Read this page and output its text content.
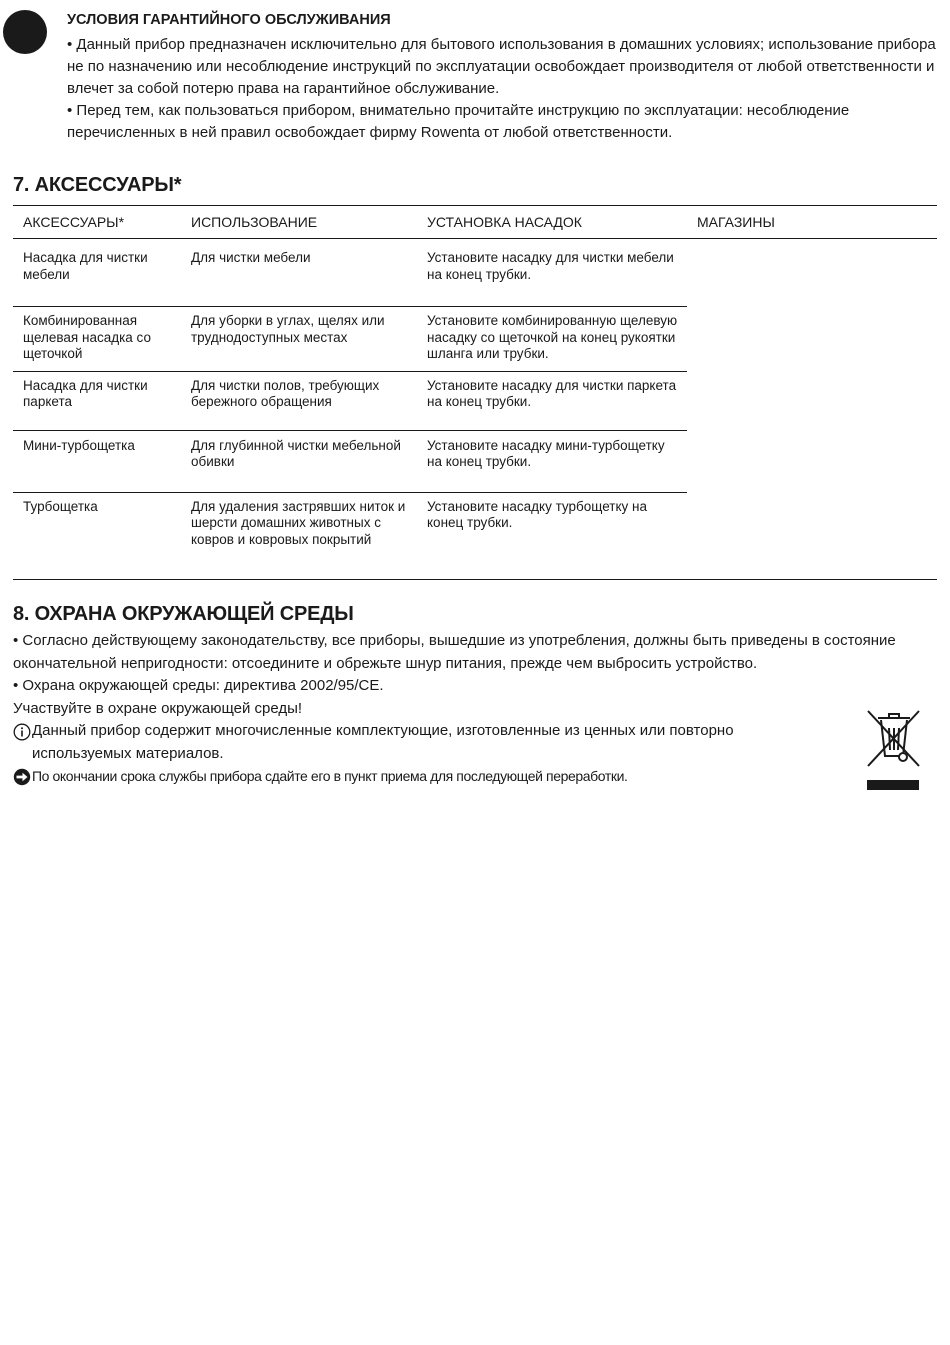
УСЛОВИЯ ГАРАНТИЙНОГО ОБСЛУЖИВАНИЯ

• Данный прибор предназначен исключительно для бытового использования в домашних условиях; использование прибора не по назначению или несоблюдение инструкций по эксплуатации освобождает производителя от любой ответственности и влечет за собой потерю права на гарантийное обслуживание.

• Перед тем, как пользоваться прибором, внимательно прочитайте инструкцию по эксплуатации: несоблюдение перечисленных в ней правил освобождает фирму Rowenta от любой ответственности.

7. АКСЕССУАРЫ*
АКСЕССУАРЫ*	ИСПОЛЬЗОВАНИЕ	УСТАНОВКА НАСАДОК	МАГАЗИНЫ
Насадка для чистки мебели	Для чистки мебели	Установите насадку для чистки мебели на конец трубки.	
Комбинированная щелевая насадка со щеточкой	Для уборки в углах, щелях или труднодоступных местах	Установите комбинированную щелевую насадку со щеточкой на конец рукоятки шланга или трубки.	
Насадка для чистки паркета	Для чистки полов, требующих бережного обращения	Установите насадку для чистки паркета на конец трубки.	
Мини-турбощетка	Для глубинной чистки мебельной обивки	Установите насадку мини-турбощетку на конец трубки.	
Турбощетка	Для удаления застрявших ниток и шерсти домашних животных с ковров и ковровых покрытий	Установите насадку турбощетку на конец трубки.	
8. ОХРАНА ОКРУЖАЮЩЕЙ СРЕДЫ

• Согласно действующему законодательству, все приборы, вышедшие из употребления, должны быть приведены в состояние окончательной непригодности: отсоедините и обрежьте шнур питания, прежде чем выбросить устройство.

• Охрана окружающей среды: директива 2002/95/CE.

Участвуйте в охране окружающей среды!

Данный прибор содержит многочисленные комплектующие, изготовленные из ценных или повторно используемых материалов.
По окончании срока службы прибора сдайте его в пункт приема для последующей переработки.
